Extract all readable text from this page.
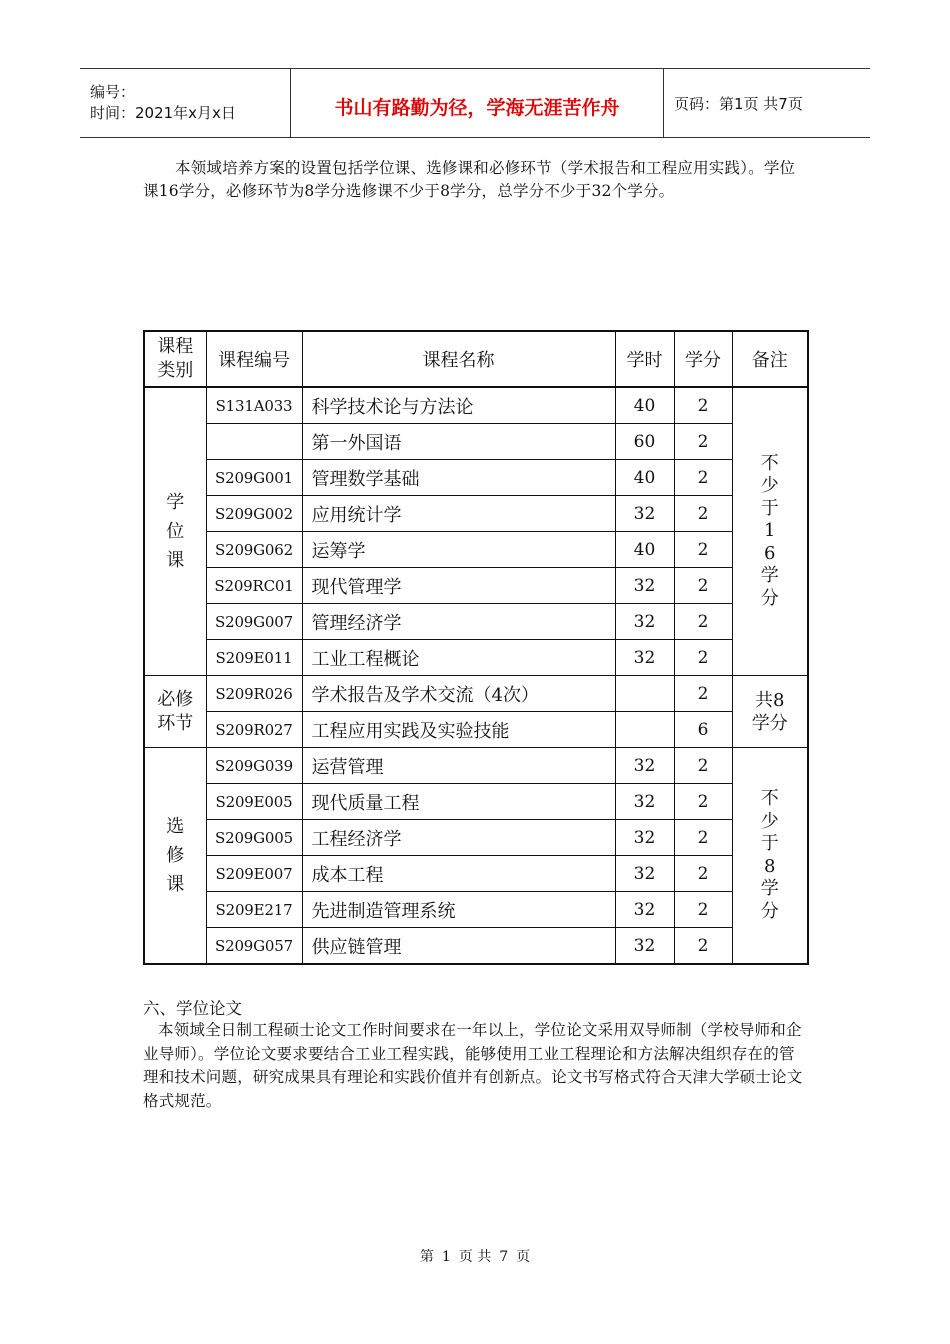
编号：
时间：2021年x月x日	书山有路勤为径，学海无涯苦作舟	页码：第1页 共7页

本领域培养方案的设置包括学位课、选修课和必修环节（学术报告和工程应用实践）。学位课16学分，必修环节为8学分选修课不少于8学分，总学分不少于32个学分。

课程类别	课程编号	课程名称	学时	学分	备注
学位课	S131A033	科学技术论与方法论	40	2	不少于16学分
		第一外国语	60	2	
	S209G001	管理数学基础	40	2	
	S209G002	应用统计学	32	2	
	S209G062	运筹学	40	2	
	S209RC01	现代管理学	32	2	
	S209G007	管理经济学	32	2	
	S209E011	工业工程概论	32	2	
必修环节	S209R026	学术报告及学术交流（4次）		2	共8学分
	S209R027	工程应用实践及实验技能		6	
选修课	S209G039	运营管理	32	2	不少于8学分
	S209E005	现代质量工程	32	2	
	S209G005	工程经济学	32	2	
	S209E007	成本工程	32	2	
	S209E217	先进制造管理系统	32	2	
	S209G057	供应链管理	32	2	

六、学位论文

本领域全日制工程硕士论文工作时间要求在一年以上，学位论文采用双导师制（学校导师和企业导师）。学位论文要求要结合工业工程实践，能够使用工业工程理论和方法解决组织存在的管理和技术问题，研究成果具有理论和实践价值并有创新点。论文书写格式符合天津大学硕士论文格式规范。

第 1 页 共 7 页
